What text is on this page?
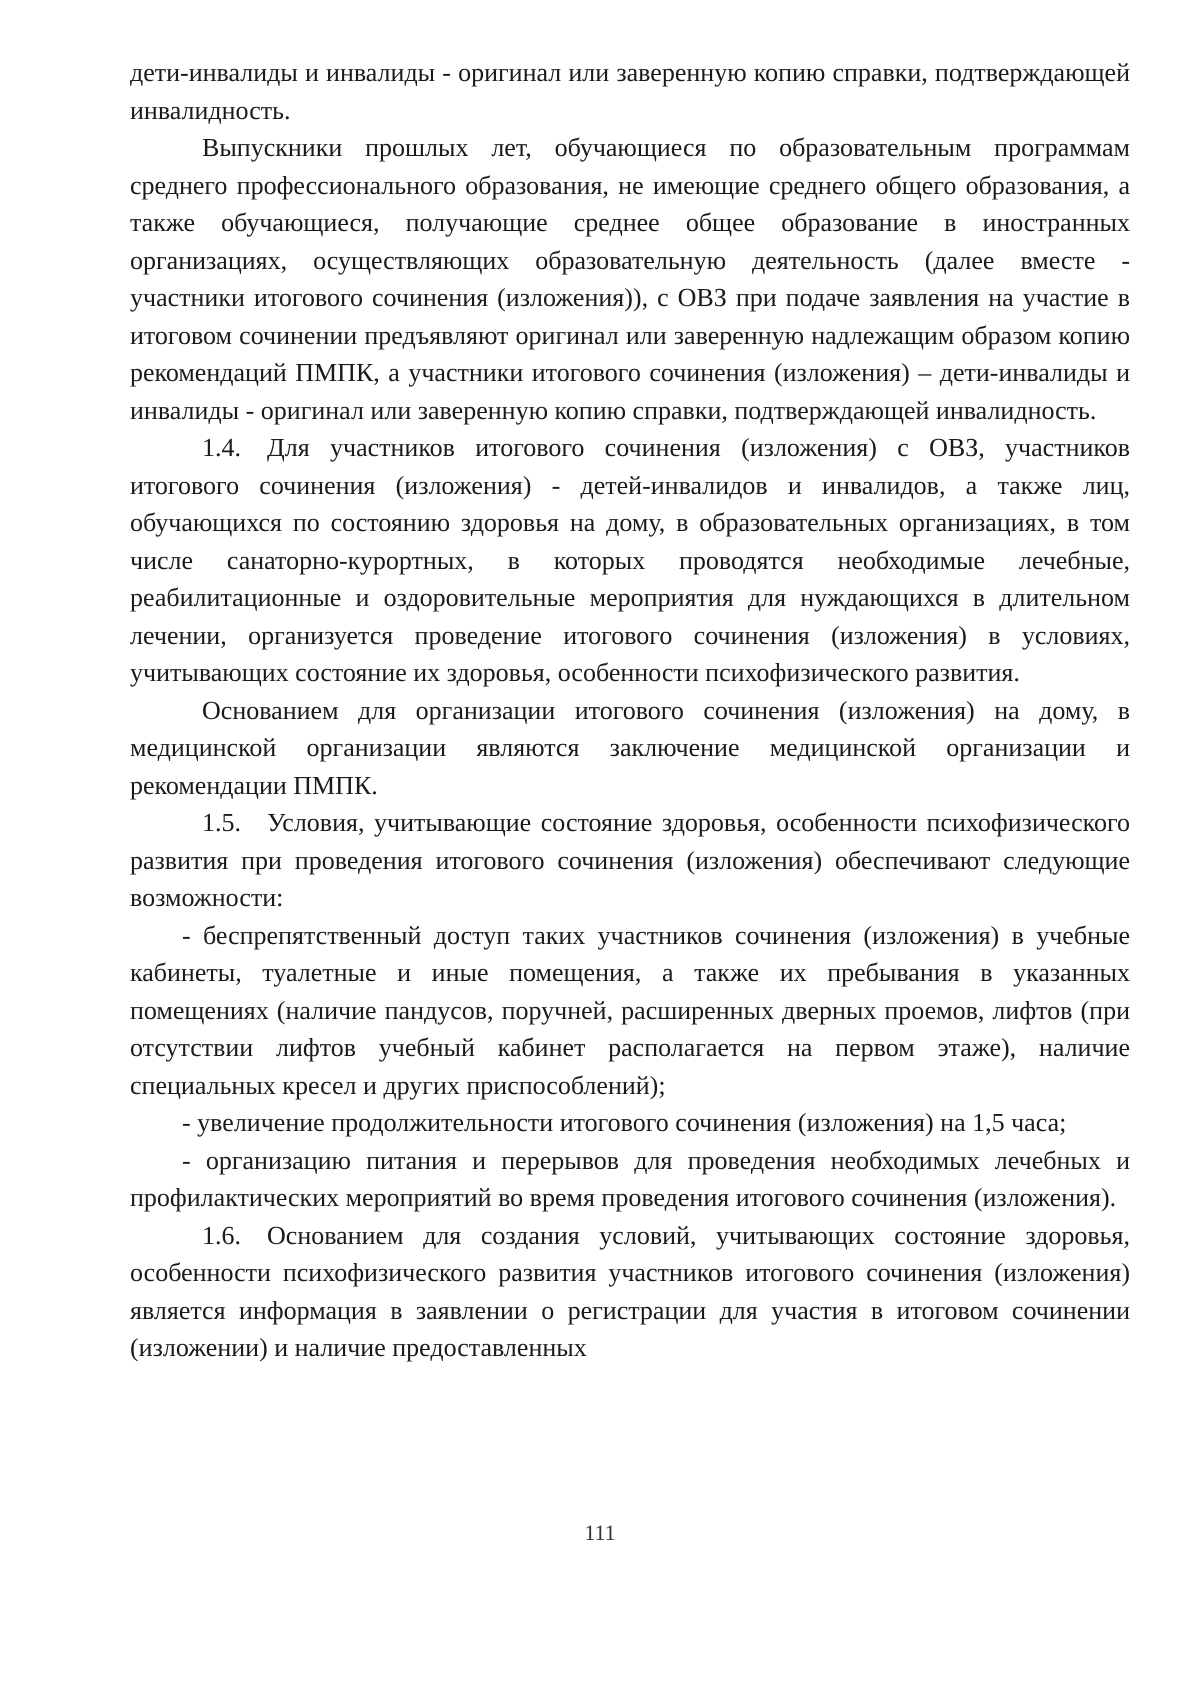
дети-инвалиды и инвалиды - оригинал или заверенную копию справки, подтверждающей инвалидность.

Выпускники прошлых лет, обучающиеся по образовательным программам среднего профессионального образования, не имеющие среднего общего образования, а также обучающиеся, получающие среднее общее образование в иностранных организациях, осуществляющих образовательную деятельность (далее вместе - участники итогового сочинения (изложения)), с ОВЗ при подаче заявления на участие в итоговом сочинении предъявляют оригинал или заверенную надлежащим образом копию рекомендаций ПМПК, а участники итогового сочинения (изложения) – дети-инвалиды и инвалиды - оригинал или заверенную копию справки, подтверждающей инвалидность.

1.4. Для участников итогового сочинения (изложения) с ОВЗ, участников итогового сочинения (изложения) - детей-инвалидов и инвалидов, а также лиц, обучающихся по состоянию здоровья на дому, в образовательных организациях, в том числе санаторно-курортных, в которых проводятся необходимые лечебные, реабилитационные и оздоровительные мероприятия для нуждающихся в длительном лечении, организуется проведение итогового сочинения (изложения) в условиях, учитывающих состояние их здоровья, особенности психофизического развития.

Основанием для организации итогового сочинения (изложения) на дому, в медицинской организации являются заключение медицинской организации и рекомендации ПМПК.

1.5. Условия, учитывающие состояние здоровья, особенности психофизического развития при проведения итогового сочинения (изложения) обеспечивают следующие возможности:

- беспрепятственный доступ таких участников сочинения (изложения) в учебные кабинеты, туалетные и иные помещения, а также их пребывания в указанных помещениях (наличие пандусов, поручней, расширенных дверных проемов, лифтов (при отсутствии лифтов учебный кабинет располагается на первом этаже), наличие специальных кресел и других приспособлений);

- увеличение продолжительности итогового сочинения (изложения) на 1,5 часа;

- организацию питания и перерывов для проведения необходимых лечебных и профилактических мероприятий во время проведения итогового сочинения (изложения).

1.6. Основанием для создания условий, учитывающих состояние здоровья, особенности психофизического развития участников итогового сочинения (изложения) является информация в заявлении о регистрации для участия в итоговом сочинении (изложении) и наличие предоставленных

111
